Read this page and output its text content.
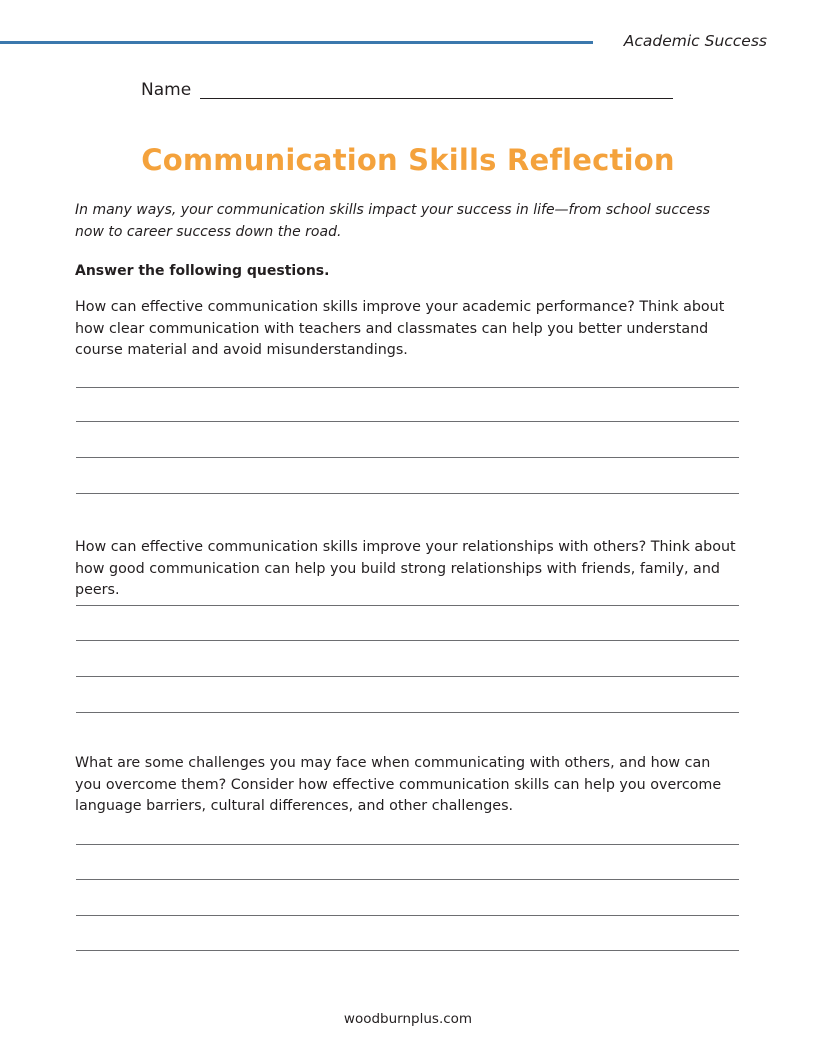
Academic Success
Name
Communication Skills Reflection
In many ways, your communication skills impact your success in life—from school success now to career success down the road.
Answer the following questions.
How can effective communication skills improve your academic performance? Think about how clear communication with teachers and classmates can help you better understand course material and avoid misunderstandings.
How can effective communication skills improve your relationships with others? Think about how good communication can help you build strong relationships with friends, family, and peers.
What are some challenges you may face when communicating with others, and how can you overcome them? Consider how effective communication skills can help you overcome language barriers, cultural differences, and other challenges.
woodburnplus.com
